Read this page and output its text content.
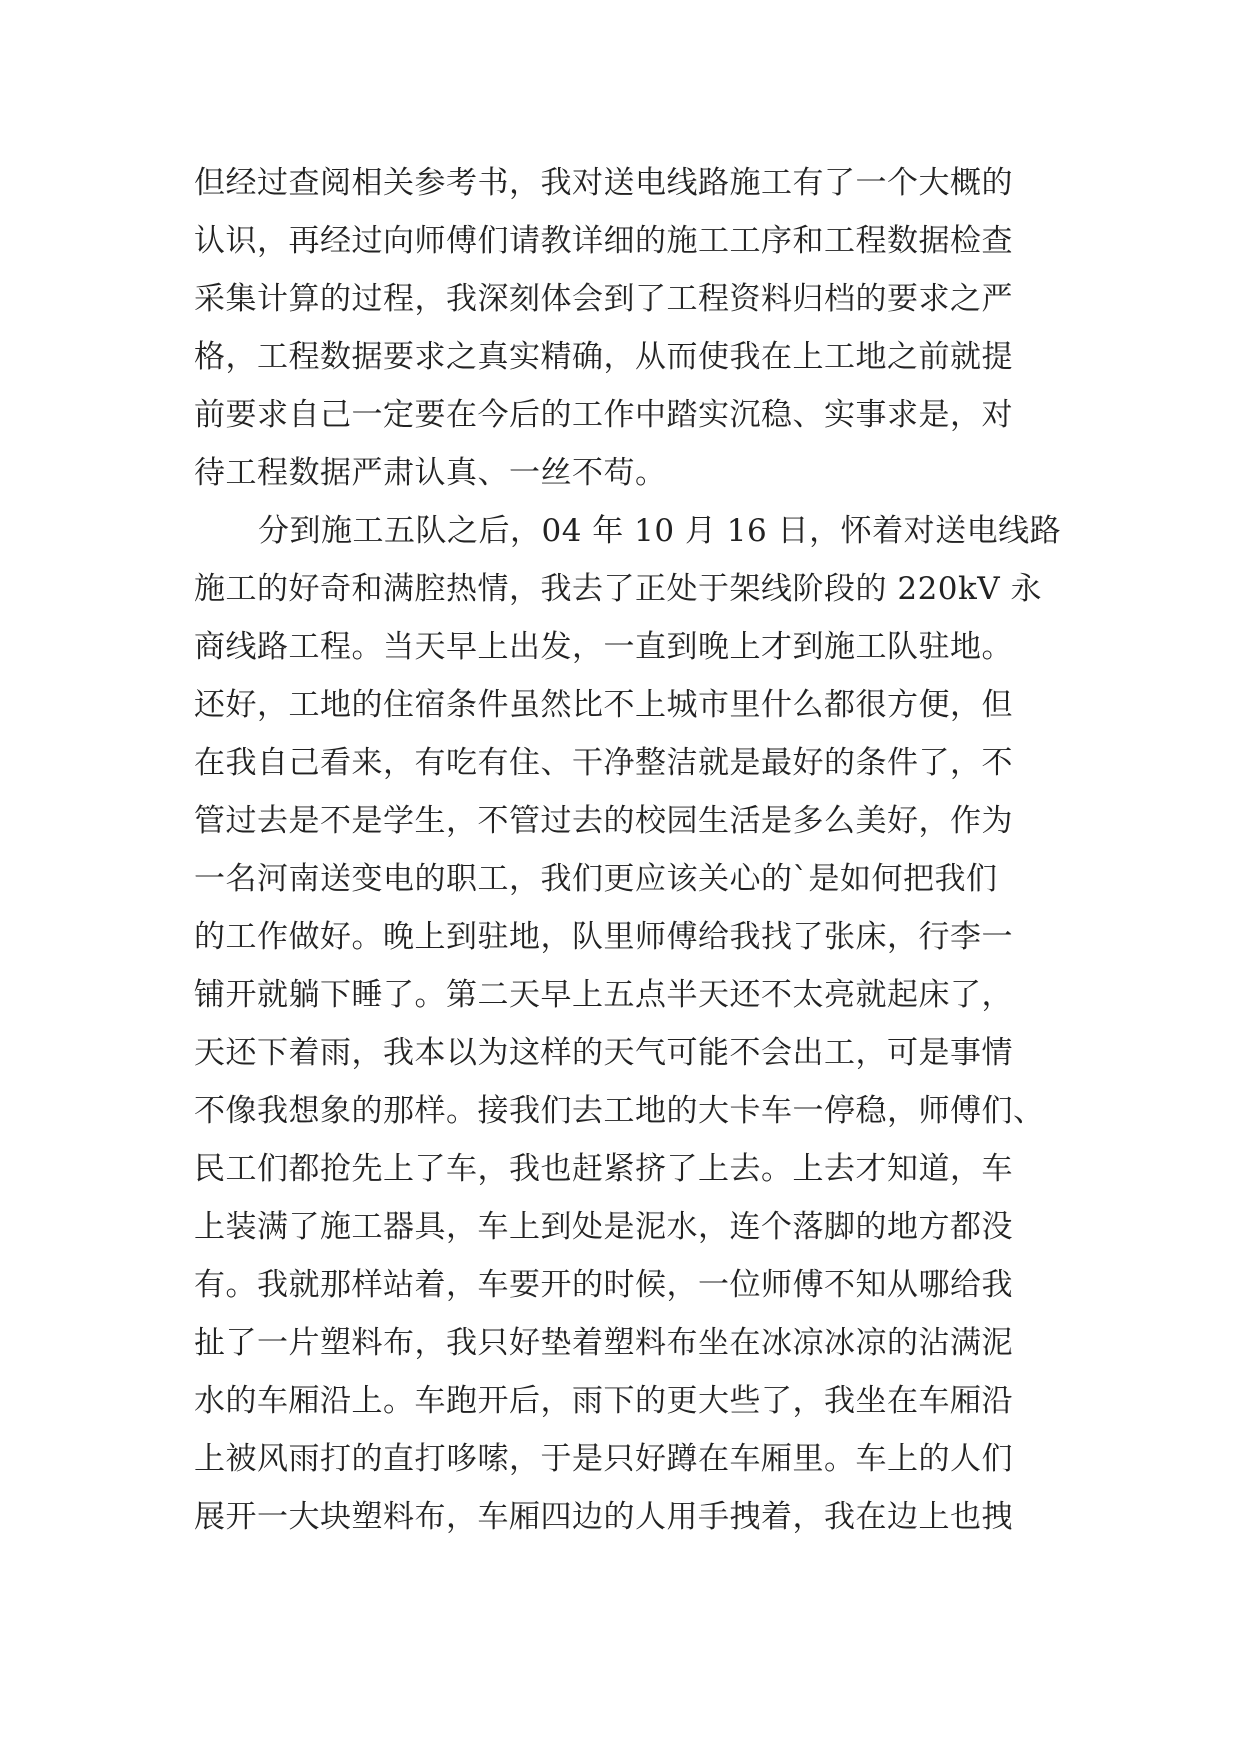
但经过查阅相关参考书，我对送电线路施工有了一个大概的
认识，再经过向师傅们请教详细的施工工序和工程数据检查
采集计算的过程，我深刻体会到了工程资料归档的要求之严
格，工程数据要求之真实精确，从而使我在上工地之前就提
前要求自己一定要在今后的工作中踏实沉稳、实事求是，对
待工程数据严肃认真、一丝不苟。
分到施工五队之后，04 年 10 月 16 日，怀着对送电线路
施工的好奇和满腔热情，我去了正处于架线阶段的 220kV 永
商线路工程。当天早上出发，一直到晚上才到施工队驻地。
还好，工地的住宿条件虽然比不上城市里什么都很方便，但
在我自己看来，有吃有住、干净整洁就是最好的条件了，不
管过去是不是学生，不管过去的校园生活是多么美好，作为
一名河南送变电的职工，我们更应该关心的`是如何把我们
的工作做好。晚上到驻地，队里师傅给我找了张床，行李一
铺开就躺下睡了。第二天早上五点半天还不太亮就起床了，
天还下着雨，我本以为这样的天气可能不会出工，可是事情
不像我想象的那样。接我们去工地的大卡车一停稳，师傅们、
民工们都抢先上了车，我也赶紧挤了上去。上去才知道，车
上装满了施工器具，车上到处是泥水，连个落脚的地方都没
有。我就那样站着，车要开的时候，一位师傅不知从哪给我
扯了一片塑料布，我只好垫着塑料布坐在冰凉冰凉的沾满泥
水的车厢沿上。车跑开后，雨下的更大些了，我坐在车厢沿
上被风雨打的直打哆嗦，于是只好蹲在车厢里。车上的人们
展开一大块塑料布，车厢四边的人用手拽着，我在边上也拽
